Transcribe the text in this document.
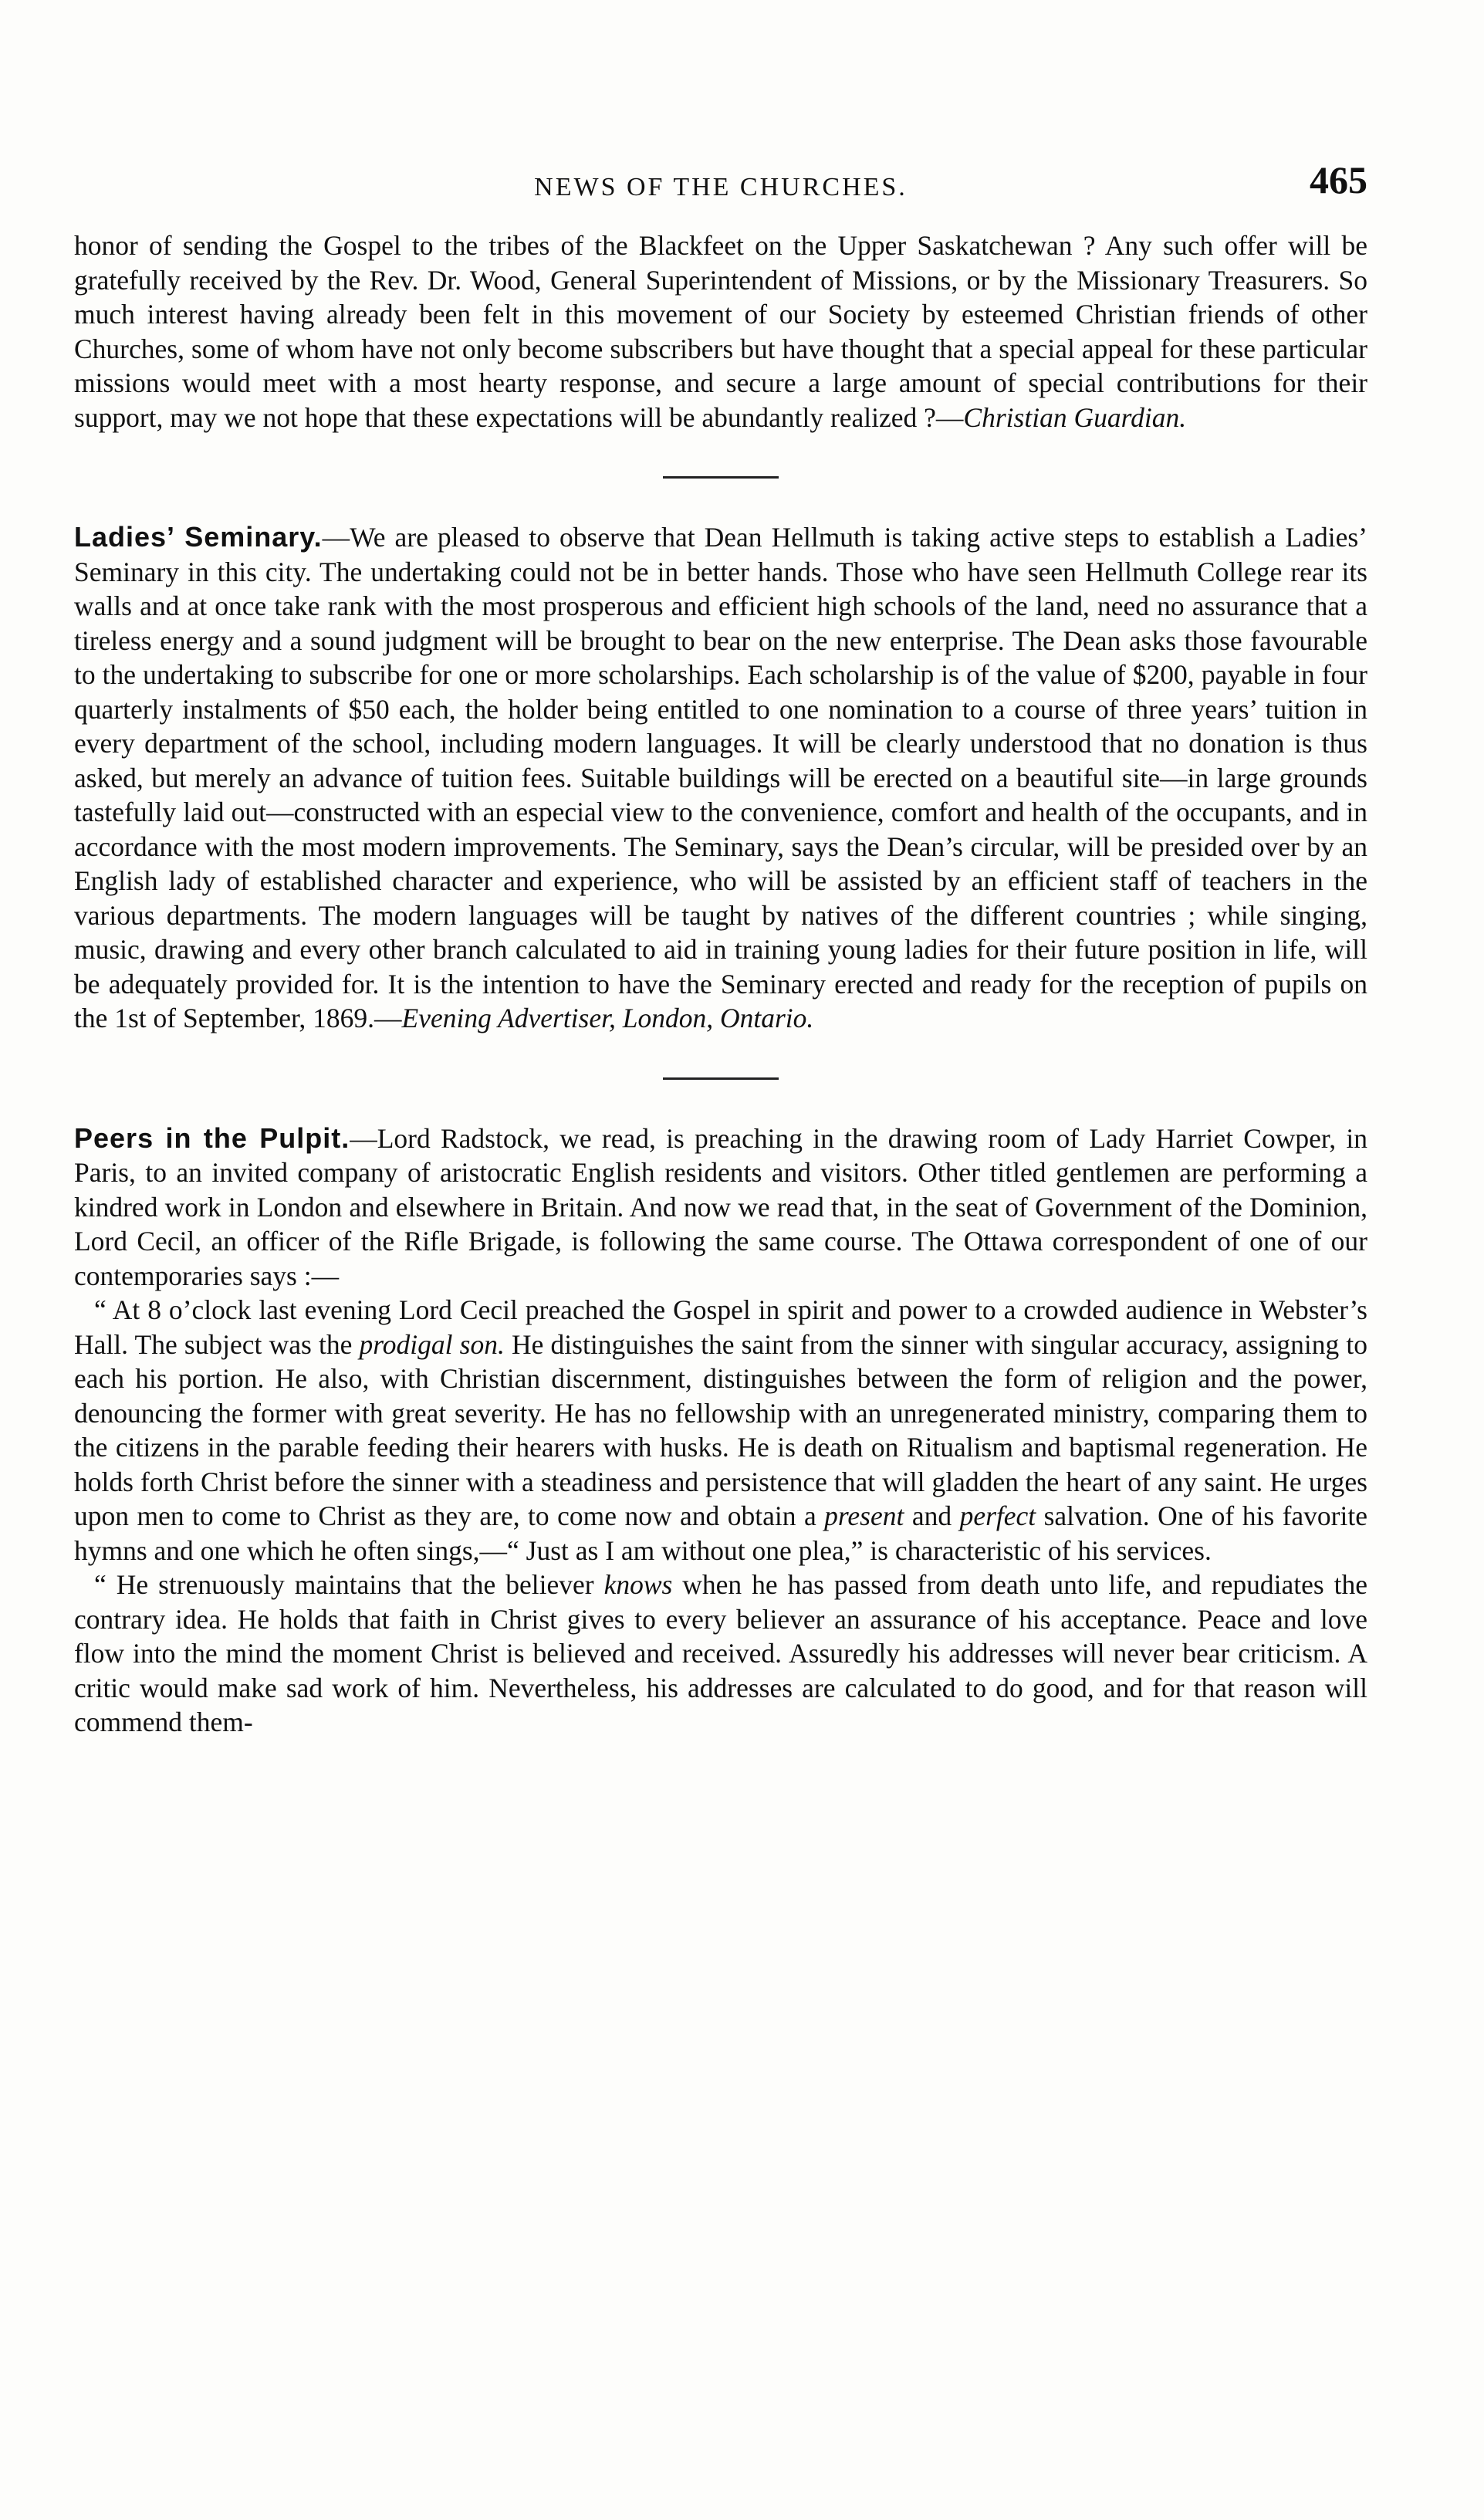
NEWS OF THE CHURCHES.	465

honor of sending the Gospel to the tribes of the Blackfeet on the Upper Saskatchewan ? Any such offer will be gratefully received by the Rev. Dr. Wood, General Superintendent of Missions, or by the Missionary Treasurers. So much interest having already been felt in this movement of our Society by esteemed Christian friends of other Churches, some of whom have not only become subscribers but have thought that a special appeal for these particular missions would meet with a most hearty response, and secure a large amount of special contributions for their support, may we not hope that these expectations will be abundantly realized ?—Christian Guardian.

Ladies’ Seminary.—We are pleased to observe that Dean Hellmuth is taking active steps to establish a Ladies’ Seminary in this city. The undertaking could not be in better hands. Those who have seen Hellmuth College rear its walls and at once take rank with the most prosperous and efficient high schools of the land, need no assurance that a tireless energy and a sound judgment will be brought to bear on the new enterprise. The Dean asks those favourable to the undertaking to subscribe for one or more scholarships. Each scholarship is of the value of $200, payable in four quarterly instalments of $50 each, the holder being entitled to one nomination to a course of three years’ tuition in every department of the school, including modern languages. It will be clearly understood that no donation is thus asked, but merely an advance of tuition fees. Suitable buildings will be erected on a beautiful site—in large grounds tastefully laid out—constructed with an especial view to the convenience, comfort and health of the occupants, and in accordance with the most modern improvements. The Seminary, says the Dean’s circular, will be presided over by an English lady of established character and experience, who will be assisted by an efficient staff of teachers in the various departments. The modern languages will be taught by natives of the different countries ; while singing, music, drawing and every other branch calculated to aid in training young ladies for their future position in life, will be adequately provided for. It is the intention to have the Seminary erected and ready for the reception of pupils on the 1st of September, 1869.—Evening Advertiser, London, Ontario.

Peers in the Pulpit.—Lord Radstock, we read, is preaching in the drawing room of Lady Harriet Cowper, in Paris, to an invited company of aristocratic English residents and visitors. Other titled gentlemen are performing a kindred work in London and elsewhere in Britain. And now we read that, in the seat of Government of the Dominion, Lord Cecil, an officer of the Rifle Brigade, is following the same course. The Ottawa correspondent of one of our contemporaries says :—

“ At 8 o’clock last evening Lord Cecil preached the Gospel in spirit and power to a crowded audience in Webster’s Hall. The subject was the prodigal son. He distinguishes the saint from the sinner with singular accuracy, assigning to each his portion. He also, with Christian discernment, distinguishes between the form of religion and the power, denouncing the former with great severity. He has no fellowship with an unregenerated ministry, comparing them to the citizens in the parable feeding their hearers with husks. He is death on Ritualism and baptismal regeneration. He holds forth Christ before the sinner with a steadiness and persistence that will gladden the heart of any saint. He urges upon men to come to Christ as they are, to come now and obtain a present and perfect salvation. One of his favorite hymns and one which he often sings,—“ Just as I am without one plea,” is characteristic of his services.

“ He strenuously maintains that the believer knows when he has passed from death unto life, and repudiates the contrary idea. He holds that faith in Christ gives to every believer an assurance of his acceptance. Peace and love flow into the mind the moment Christ is believed and received. Assuredly his addresses will never bear criticism. A critic would make sad work of him. Nevertheless, his addresses are calculated to do good, and for that reason will commend them-
